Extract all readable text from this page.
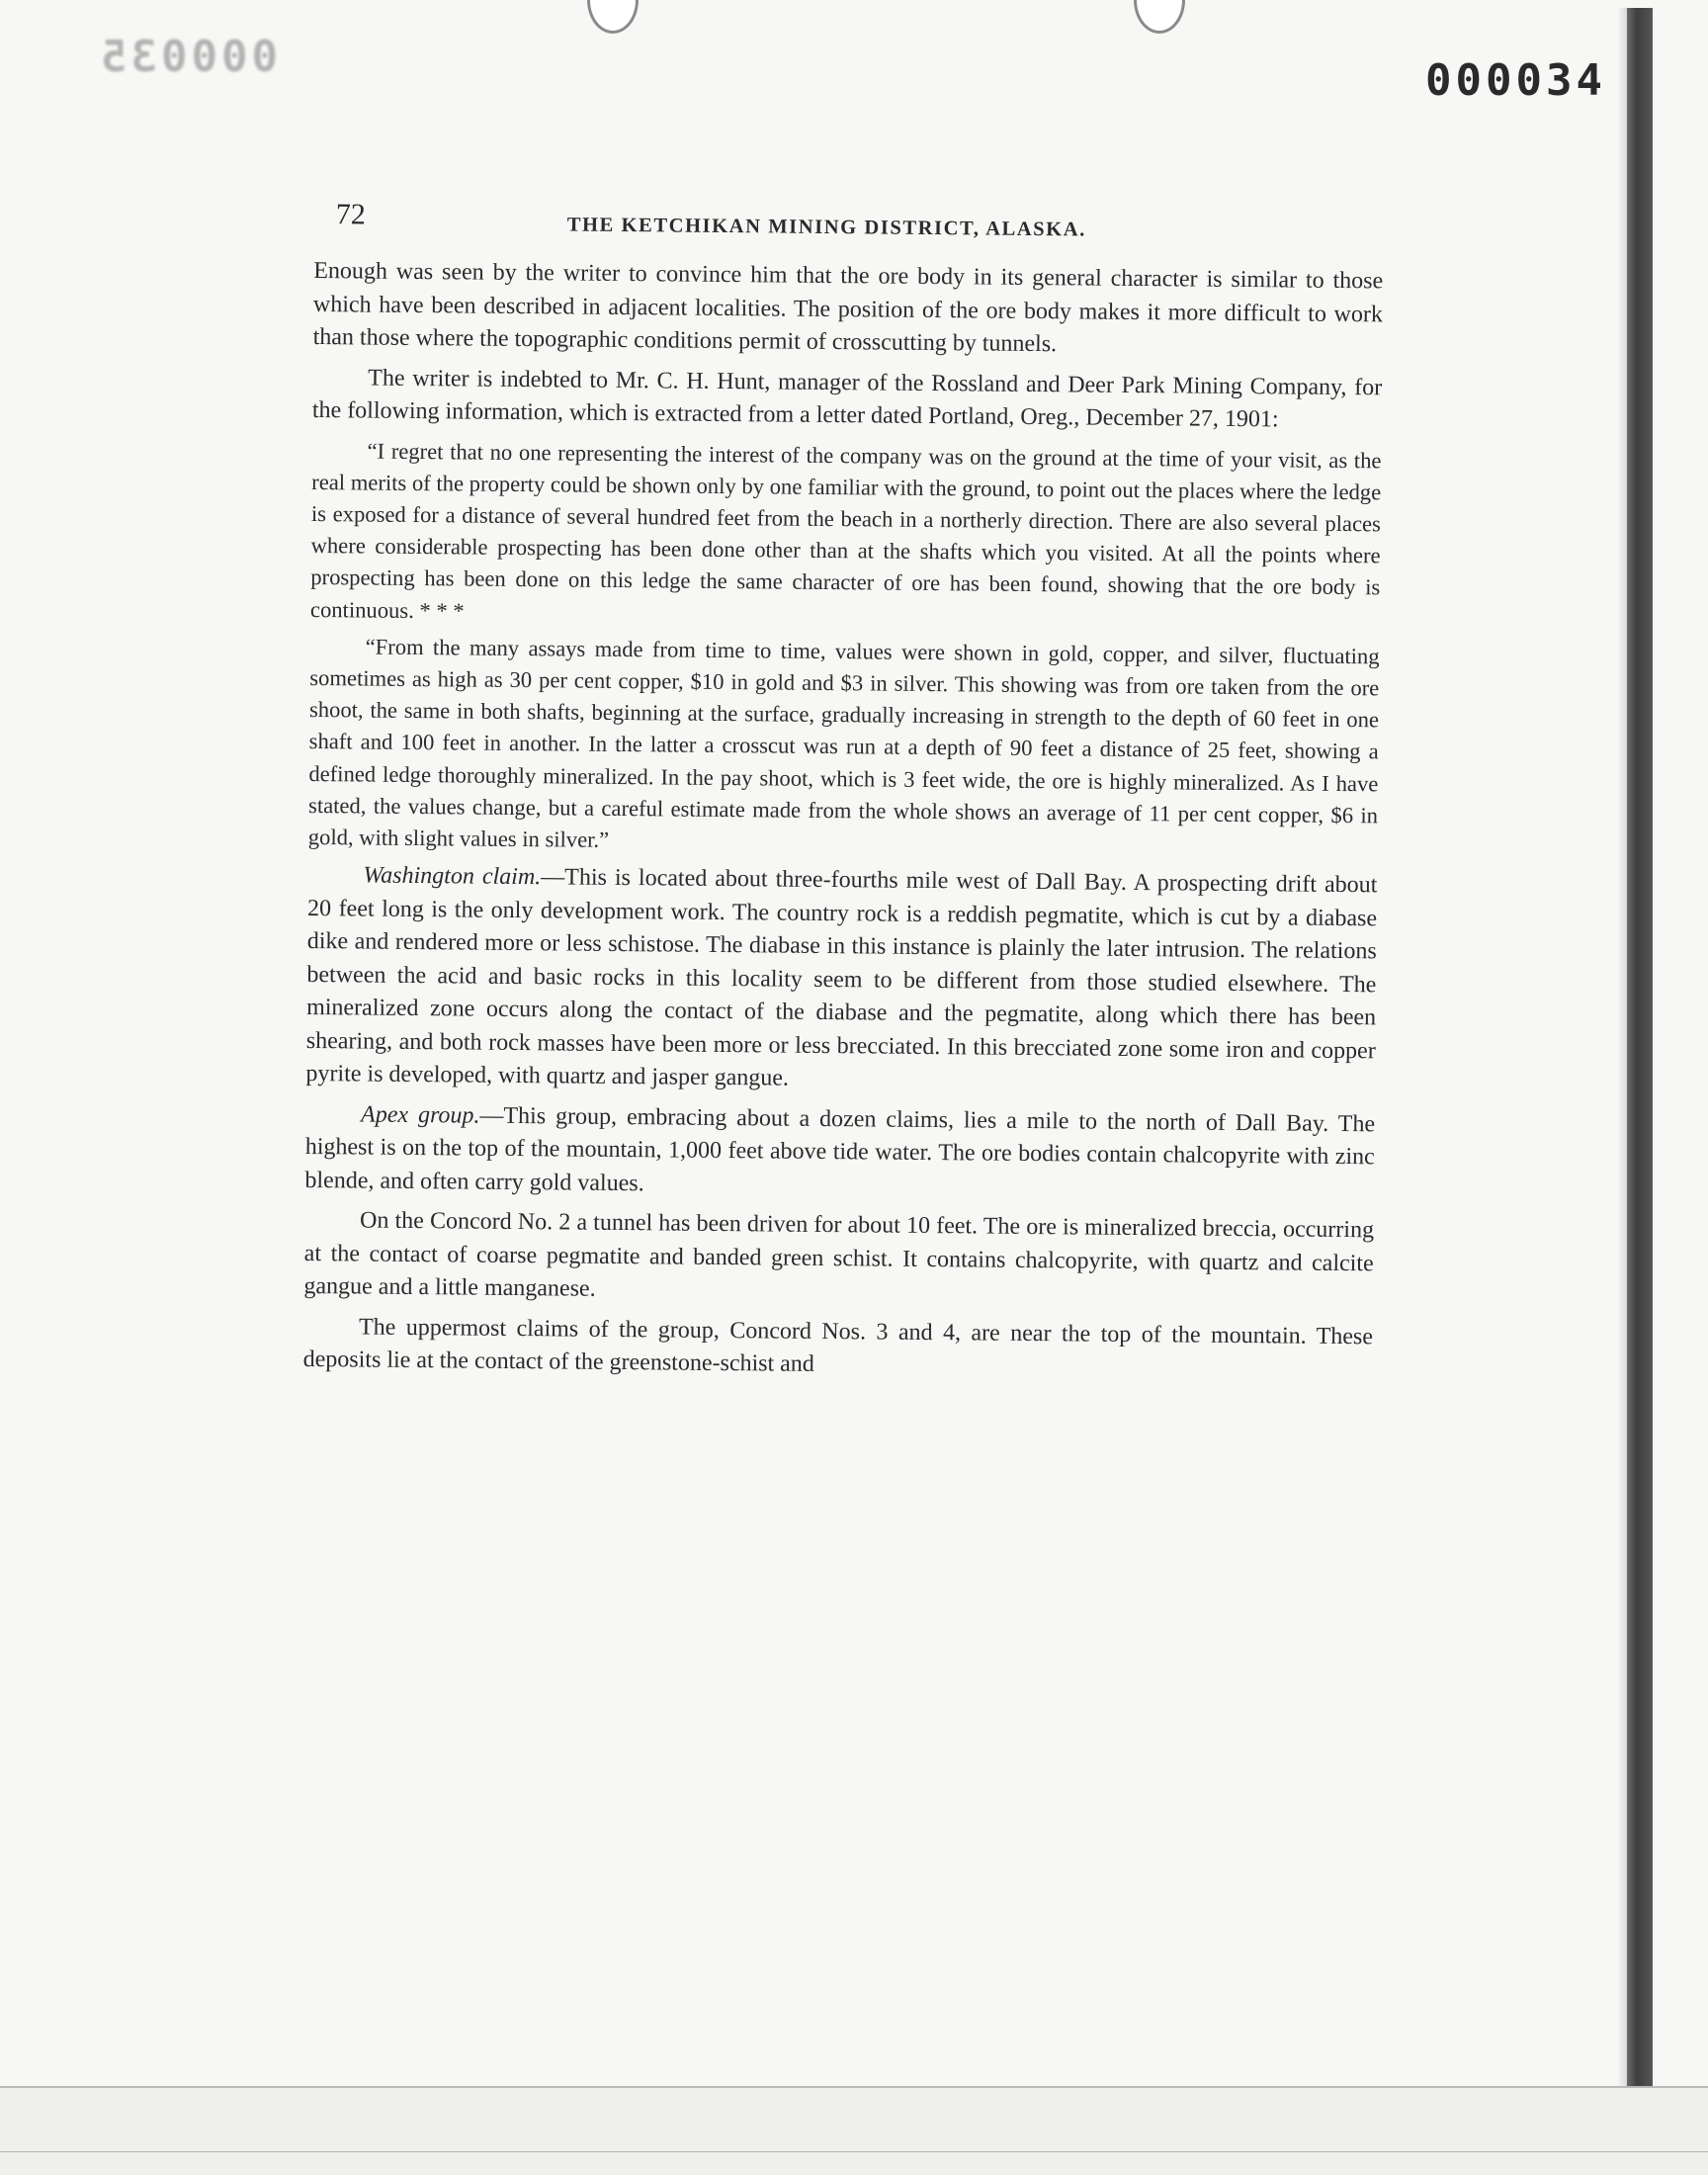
000035	000034
72	THE KETCHIKAN MINING DISTRICT, ALASKA.

Enough was seen by the writer to convince him that the ore body in its general character is similar to those which have been described in adjacent localities. The position of the ore body makes it more difficult to work than those where the topographic conditions permit of crosscutting by tunnels.

The writer is indebted to Mr. C. H. Hunt, manager of the Rossland and Deer Park Mining Company, for the following information, which is extracted from a letter dated Portland, Oreg., December 27, 1901:

“I regret that no one representing the interest of the company was on the ground at the time of your visit, as the real merits of the property could be shown only by one familiar with the ground, to point out the places where the ledge is exposed for a distance of several hundred feet from the beach in a northerly direction. There are also several places where considerable prospecting has been done other than at the shafts which you visited. At all the points where prospecting has been done on this ledge the same character of ore has been found, showing that the ore body is continuous. * * *

“From the many assays made from time to time, values were shown in gold, copper, and silver, fluctuating sometimes as high as 30 per cent copper, $10 in gold and $3 in silver. This showing was from ore taken from the ore shoot, the same in both shafts, beginning at the surface, gradually increasing in strength to the depth of 60 feet in one shaft and 100 feet in another. In the latter a crosscut was run at a depth of 90 feet a distance of 25 feet, showing a defined ledge thoroughly mineralized. In the pay shoot, which is 3 feet wide, the ore is highly mineralized. As I have stated, the values change, but a careful estimate made from the whole shows an average of 11 per cent copper, $6 in gold, with slight values in silver.”

Washington claim.—This is located about three-fourths mile west of Dall Bay. A prospecting drift about 20 feet long is the only development work. The country rock is a reddish pegmatite, which is cut by a diabase dike and rendered more or less schistose. The diabase in this instance is plainly the later intrusion. The relations between the acid and basic rocks in this locality seem to be different from those studied elsewhere. The mineralized zone occurs along the contact of the diabase and the pegmatite, along which there has been shearing, and both rock masses have been more or less brecciated. In this brecciated zone some iron and copper pyrite is developed, with quartz and jasper gangue.

Apex group.—This group, embracing about a dozen claims, lies a mile to the north of Dall Bay. The highest is on the top of the mountain, 1,000 feet above tide water. The ore bodies contain chalcopyrite with zinc blende, and often carry gold values.

On the Concord No. 2 a tunnel has been driven for about 10 feet. The ore is mineralized breccia, occurring at the contact of coarse pegmatite and banded green schist. It contains chalcopyrite, with quartz and calcite gangue and a little manganese.

The uppermost claims of the group, Concord Nos. 3 and 4, are near the top of the mountain. These deposits lie at the contact of the greenstone-schist and
